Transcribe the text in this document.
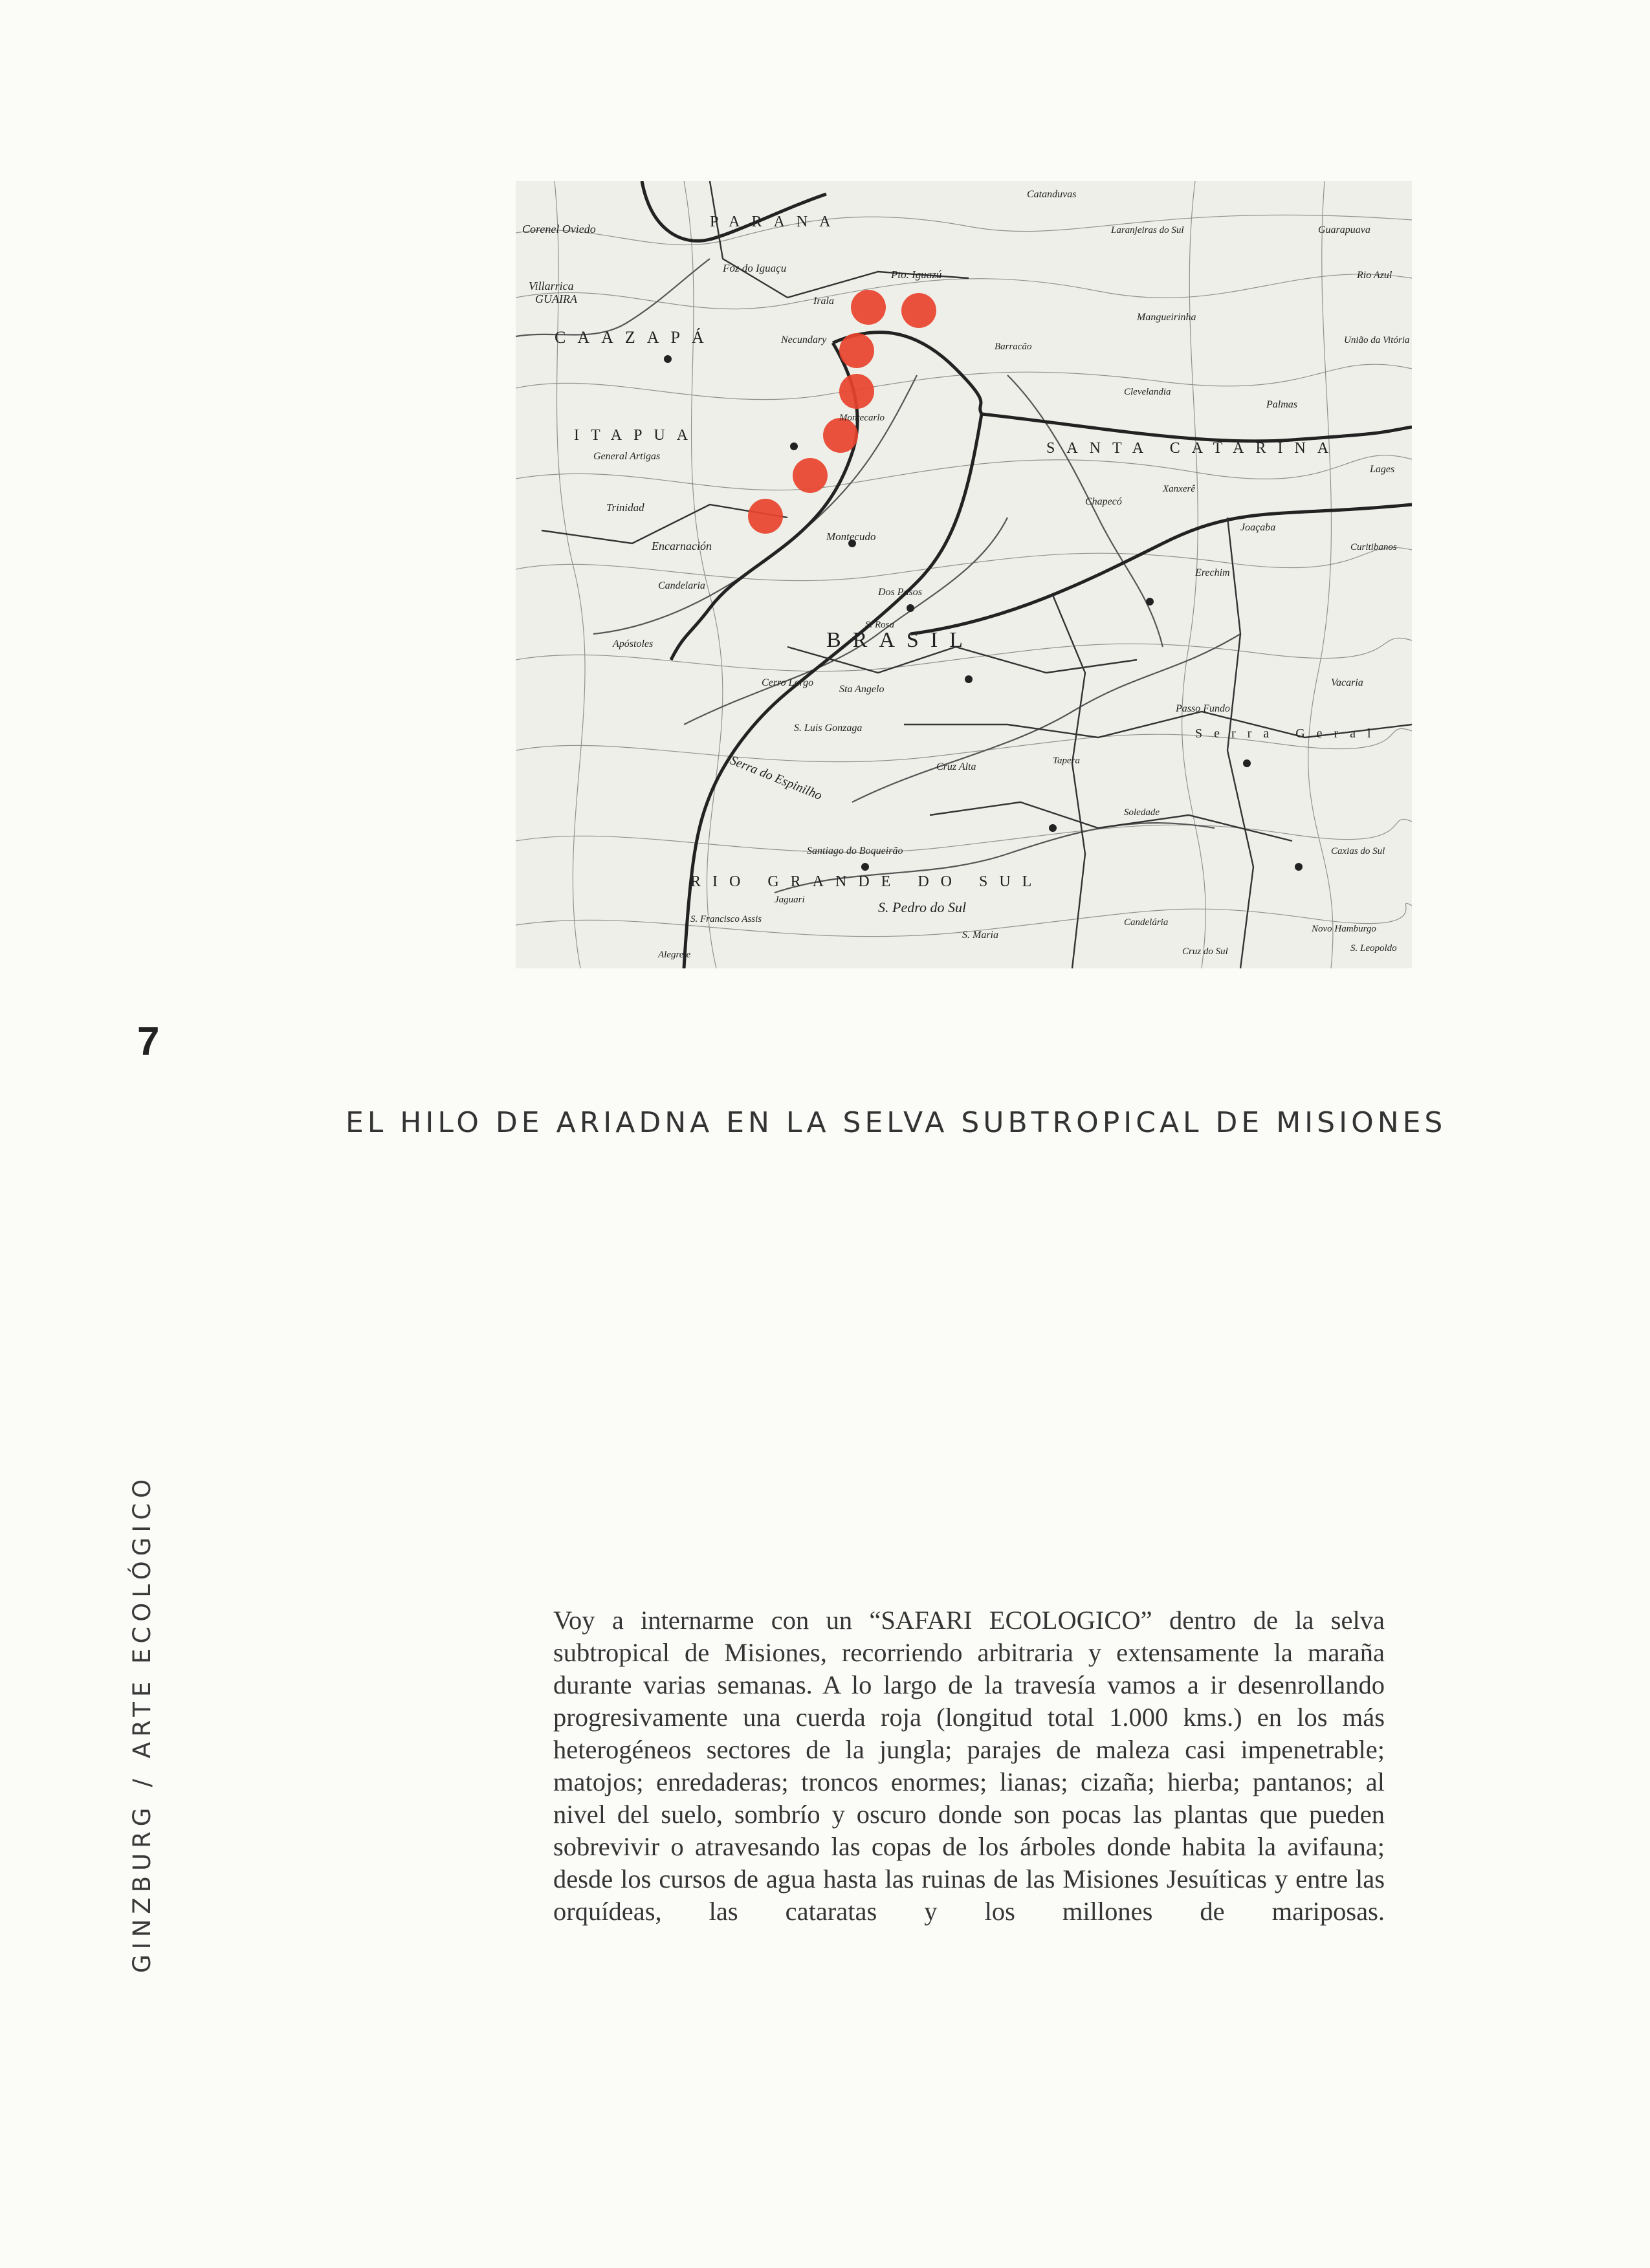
Corenel Oviedo
Villarrica
GUAIRA
CAAZAPÁ
ITAPUA
General Artigas
Trinidad
Encarnación
Candelaria
Apóstoles
Foz do Iguaçu
Irala
Pto. Iguazú
Necundary
Montecarlo
Montecudo
Dos Pasos
S. Rosa
Cerro Largo
Sta Angelo
S. Luis Gonzaga
Santiago do Boqueirão
S. Pedro do Sul
S. Maria
S. Francisco Assis
Alegrete
Jaguari
Cruz Alta
Passo Fundo
Chapecó
Xanxerê
Joaçaba
Lages
Vacaria
Caxias do Sul
Candelária
Cruz do Sul
Novo Hamburgo
S. Leopoldo
Palmas
Erechim
Tapera
Soledade
Curitibanos
Guarapuava
União da Vitória
Rio Azul
Laranjeiras do Sul
Mangueirinha
Barracão
Clevelandia
Catanduvas
PARANA
BRASIL
SANTA CATARINA
Serra Geral
RIO GRANDE DO SUL
Serra do Espinilho

7

EL HILO DE ARIADNA EN LA SELVA SUBTROPICAL DE MISIONES
GINZBURG/ARTE ECOLÓGICO	Voy a internarme con un “SAFARI ECOLOGICO” dentro de la selva subtropical de Misiones, recorriendo arbitraria y extensamente la maraña durante varias semanas. A lo largo de la travesía vamos a ir desenrollando progresivamente una cuerda roja (longitud total 1.000 kms.) en los más heterogéneos sectores de la jungla; parajes de maleza casi impenetrable; matojos; enredaderas; troncos enormes; lianas; cizaña; hierba; pantanos; al nivel del suelo, sombrío y oscuro donde son pocas las plantas que pueden sobrevivir o atravesando las copas de los árboles donde habita la avifauna; desde los cursos de agua hasta las ruinas de las Misiones Jesuíticas y entre las orquídeas, las cataratas y los millones de mariposas.
